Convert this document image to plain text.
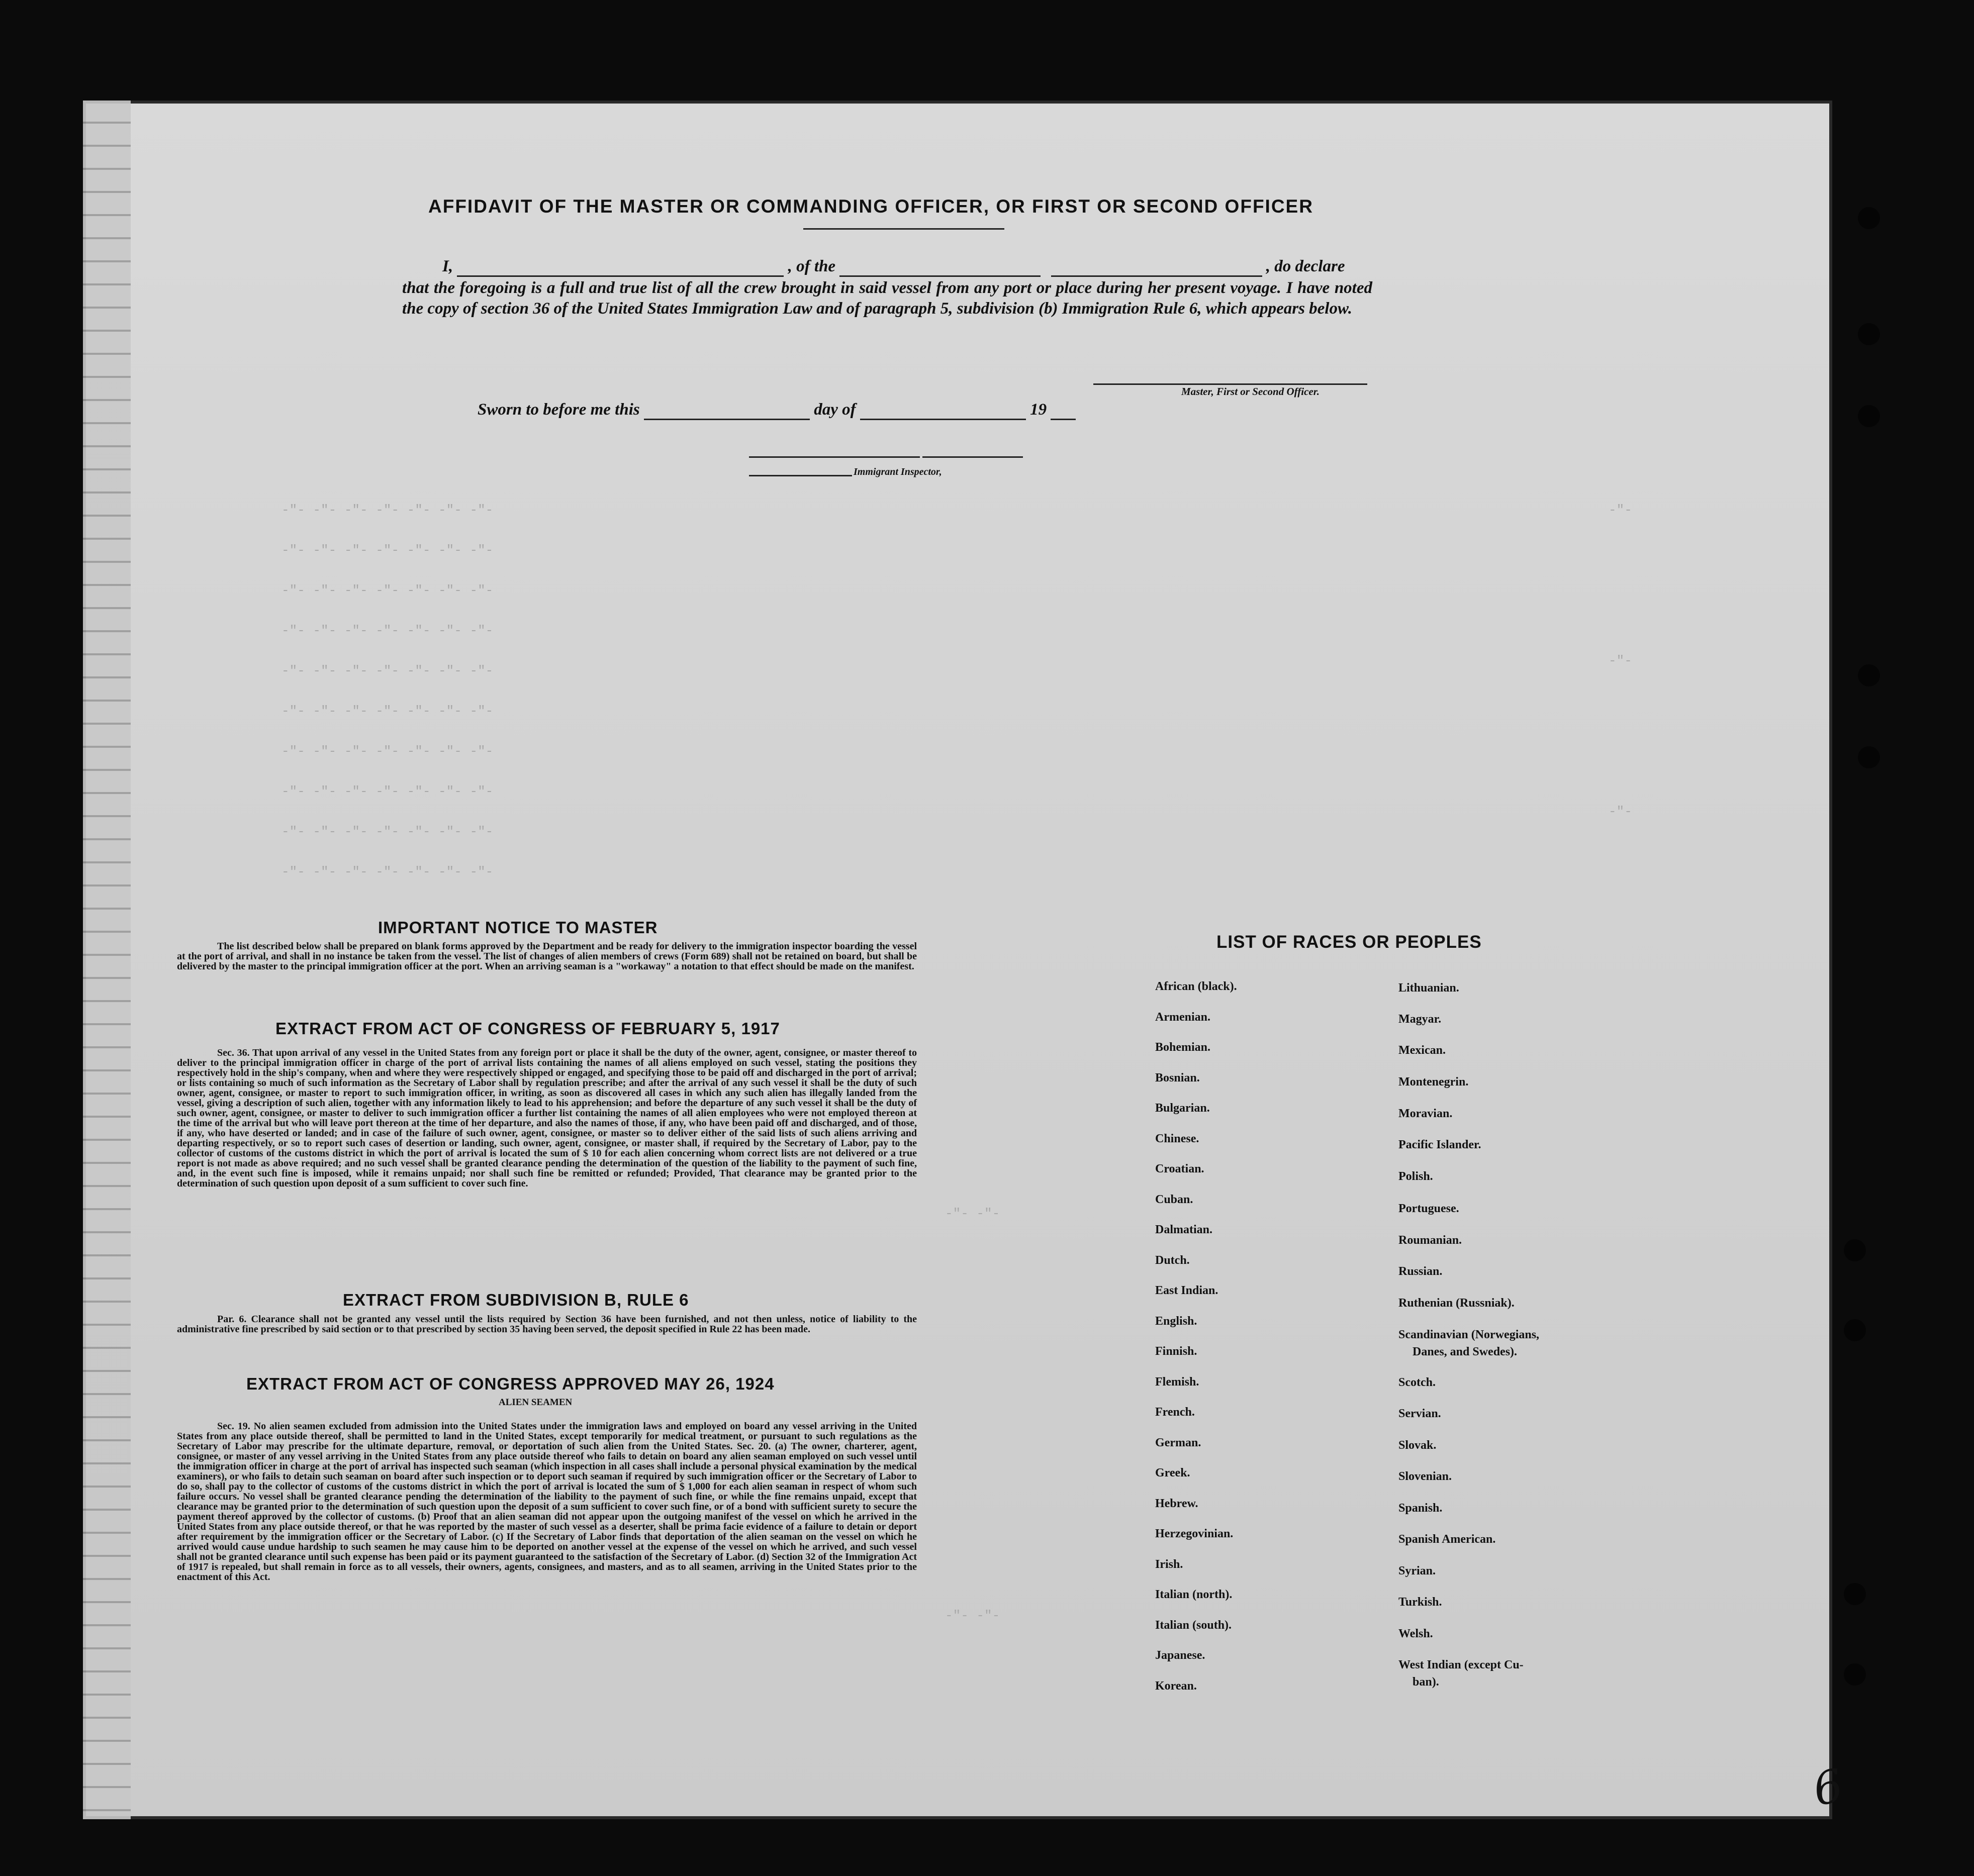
-"- -"- -"- -"- -"- -"- -"-
-"- -"- -"- -"- -"- -"- -"-
-"- -"- -"- -"- -"- -"- -"-
-"- -"- -"- -"- -"- -"- -"-
-"- -"- -"- -"- -"- -"- -"-
-"- -"- -"- -"- -"- -"- -"-
-"- -"- -"- -"- -"- -"- -"-
-"- -"- -"- -"- -"- -"- -"-
-"- -"- -"- -"- -"- -"- -"-
-"- -"- -"- -"- -"- -"- -"-
-"- -"-
-"- -"-
-"-
-"-
-"-
AFFIDAVIT OF THE MASTER OR COMMANDING OFFICER, OR FIRST OR SECOND OFFICER
I,	, of the	, do declare
that the foregoing is a full and true list of all the crew brought in said vessel from any port or place during her present voyage. I have noted the copy of section 36 of the United States Immigration Law and of paragraph 5, subdivision (b) Immigration Rule 6, which appears below.
Master, First or Second Officer.
Sworn to before me this	day of	19
Immigrant Inspector,
IMPORTANT NOTICE TO MASTER
The list described below shall be prepared on blank forms approved by the Department and be ready for delivery to the immigration inspector boarding the vessel at the port of arrival, and shall in no instance be taken from the vessel. The list of changes of alien members of crews (Form 689) shall not be retained on board, but shall be delivered by the master to the principal immigration officer at the port. When an arriving seaman is a "workaway" a notation to that effect should be made on the manifest.
EXTRACT FROM ACT OF CONGRESS OF FEBRUARY 5, 1917
Sec. 36. That upon arrival of any vessel in the United States from any foreign port or place it shall be the duty of the owner, agent, consignee, or master thereof to deliver to the principal immigration officer in charge of the port of arrival lists containing the names of all aliens employed on such vessel, stating the positions they respectively hold in the ship's company, when and where they were respectively shipped or engaged, and specifying those to be paid off and discharged in the port of arrival; or lists containing so much of such information as the Secretary of Labor shall by regulation prescribe; and after the arrival of any such vessel it shall be the duty of such owner, agent, consignee, or master to report to such immigration officer, in writing, as soon as discovered all cases in which any such alien has illegally landed from the vessel, giving a description of such alien, together with any information likely to lead to his apprehension; and before the departure of any such vessel it shall be the duty of such owner, agent, consignee, or master to deliver to such immigration officer a further list containing the names of all alien employees who were not employed thereon at the time of the arrival but who will leave port thereon at the time of her departure, and also the names of those, if any, who have been paid off and discharged, and of those, if any, who have deserted or landed; and in case of the failure of such owner, agent, consignee, or master so to deliver either of the said lists of such aliens arriving and departing respectively, or so to report such cases of desertion or landing, such owner, agent, consignee, or master shall, if required by the Secretary of Labor, pay to the collector of customs of the customs district in which the port of arrival is located the sum of $ 10 for each alien concerning whom correct lists are not delivered or a true report is not made as above required; and no such vessel shall be granted clearance pending the determination of the question of the liability to the payment of such fine, and, in the event such fine is imposed, while it remains unpaid; nor shall such fine be remitted or refunded; Provided, That clearance may be granted prior to the determination of such question upon deposit of a sum sufficient to cover such fine.
EXTRACT FROM SUBDIVISION B, RULE 6
Par. 6. Clearance shall not be granted any vessel until the lists required by Section 36 have been furnished, and not then unless, notice of liability to the administrative fine prescribed by said section or to that prescribed by section 35 having been served, the deposit specified in Rule 22 has been made.
EXTRACT FROM ACT OF CONGRESS APPROVED MAY 26, 1924
ALIEN SEAMEN
Sec. 19. No alien seamen excluded from admission into the United States under the immigration laws and employed on board any vessel arriving in the United States from any place outside thereof, shall be permitted to land in the United States, except temporarily for medical treatment, or pursuant to such regulations as the Secretary of Labor may prescribe for the ultimate departure, removal, or deportation of such alien from the United States. Sec. 20. (a) The owner, charterer, agent, consignee, or master of any vessel arriving in the United States from any place outside thereof who fails to detain on board any alien seaman employed on such vessel until the immigration officer in charge at the port of arrival has inspected such seaman (which inspection in all cases shall include a personal physical examination by the medical examiners), or who fails to detain such seaman on board after such inspection or to deport such seaman if required by such immigration officer or the Secretary of Labor to do so, shall pay to the collector of customs of the customs district in which the port of arrival is located the sum of $ 1,000 for each alien seaman in respect of whom such failure occurs. No vessel shall be granted clearance pending the determination of the liability to the payment of such fine, or while the fine remains unpaid, except that clearance may be granted prior to the determination of such question upon the deposit of a sum sufficient to cover such fine, or of a bond with sufficient surety to secure the payment thereof approved by the collector of customs. (b) Proof that an alien seaman did not appear upon the outgoing manifest of the vessel on which he arrived in the United States from any place outside thereof, or that he was reported by the master of such vessel as a deserter, shall be prima facie evidence of a failure to detain or deport after requirement by the immigration officer or the Secretary of Labor. (c) If the Secretary of Labor finds that deportation of the alien seaman on the vessel on which he arrived would cause undue hardship to such seamen he may cause him to be deported on another vessel at the expense of the vessel on which he arrived, and such vessel shall not be granted clearance until such expense has been paid or its payment guaranteed to the satisfaction of the Secretary of Labor. (d) Section 32 of the Immigration Act of 1917 is repealed, but shall remain in force as to all vessels, their owners, agents, consignees, and masters, and as to all seamen, arriving in the United States prior to the enactment of this Act.
LIST OF RACES OR PEOPLES
African (black).
Armenian.
Bohemian.
Bosnian.
Bulgarian.
Chinese.
Croatian.
Cuban.
Dalmatian.
Dutch.
East Indian.
English.
Finnish.
Flemish.
French.
German.
Greek.
Hebrew.
Herzegovinian.
Irish.
Italian (north).
Italian (south).
Japanese.
Korean.
Lithuanian.
Magyar.
Mexican.
Montenegrin.
Moravian.
Pacific Islander.
Polish.
Portuguese.
Roumanian.
Russian.
Ruthenian (Russniak).
Scandinavian (Norwegians,
Danes, and Swedes).
Scotch.
Servian.
Slovak.
Slovenian.
Spanish.
Spanish American.
Syrian.
Turkish.
Welsh.
West Indian (except Cu-
ban).
6
